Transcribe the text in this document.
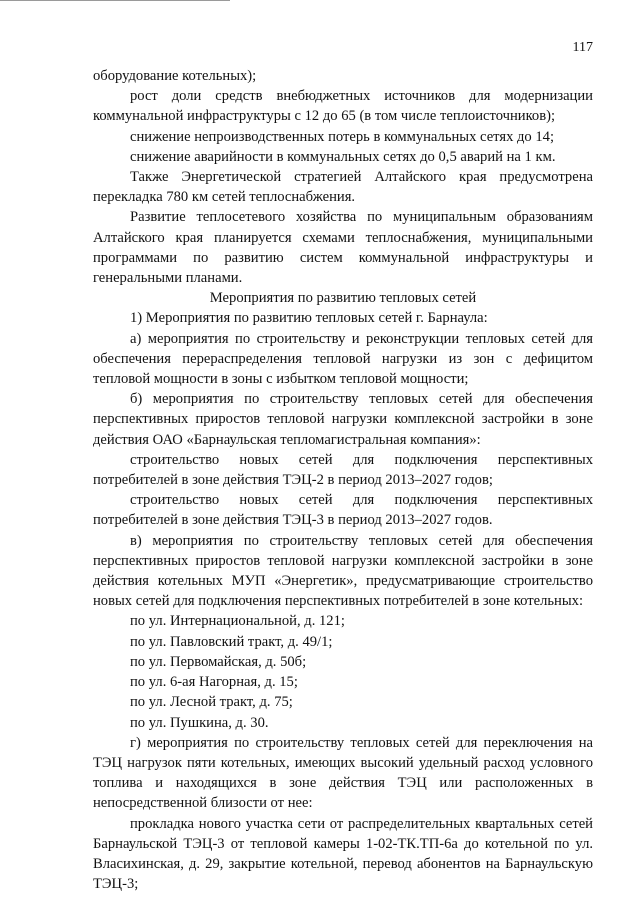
117

оборудование котельных);

рост доли средств внебюджетных источников для модернизации коммунальной инфраструктуры с 12 до 65 (в том числе теплоисточников);

снижение непроизводственных потерь в коммунальных сетях до 14;

снижение аварийности в коммунальных сетях до 0,5 аварий на 1 км.

Также Энергетической стратегией Алтайского края предусмотрена перекладка 780 км сетей теплоснабжения.

Развитие теплосетевого хозяйства по муниципальным образованиям Алтайского края планируется схемами теплоснабжения, муниципальными программами по развитию систем коммунальной инфраструктуры и генеральными планами.

Мероприятия по развитию тепловых сетей

1) Мероприятия по развитию тепловых сетей г. Барнаула:

а) мероприятия по строительству и реконструкции тепловых сетей для обеспечения перераспределения тепловой нагрузки из зон с дефицитом тепловой мощности в зоны с избытком тепловой мощности;

б) мероприятия по строительству тепловых сетей для обеспечения перспективных приростов тепловой нагрузки комплексной застройки в зоне действия ОАО «Барнаульская тепломагистральная компания»:

строительство новых сетей для подключения перспективных потребителей в зоне действия ТЭЦ-2 в период 2013–2027 годов;

строительство новых сетей для подключения перспективных потребителей в зоне действия ТЭЦ-3 в период 2013–2027 годов.

в) мероприятия по строительству тепловых сетей для обеспечения перспективных приростов тепловой нагрузки комплексной застройки в зоне действия котельных МУП «Энергетик», предусматривающие строительство новых сетей для подключения перспективных потребителей в зоне котельных:

по ул. Интернациональной, д. 121;

по ул. Павловский тракт, д. 49/1;

по ул. Первомайская, д. 50б;

по ул. 6-ая Нагорная, д. 15;

по ул. Лесной тракт, д. 75;

по ул. Пушкина, д. 30.

г) мероприятия по строительству тепловых сетей для переключения на ТЭЦ нагрузок пяти котельных, имеющих высокий удельный расход условного топлива и находящихся в зоне действия ТЭЦ или расположенных в непосредственной близости от нее:

прокладка нового участка сети от распределительных квартальных сетей Барнаульской ТЭЦ-3 от тепловой камеры 1-02-ТК.ТП-6а до котельной по ул. Власихинская, д. 29, закрытие котельной, перевод абонентов на Барнаульскую ТЭЦ-3;
